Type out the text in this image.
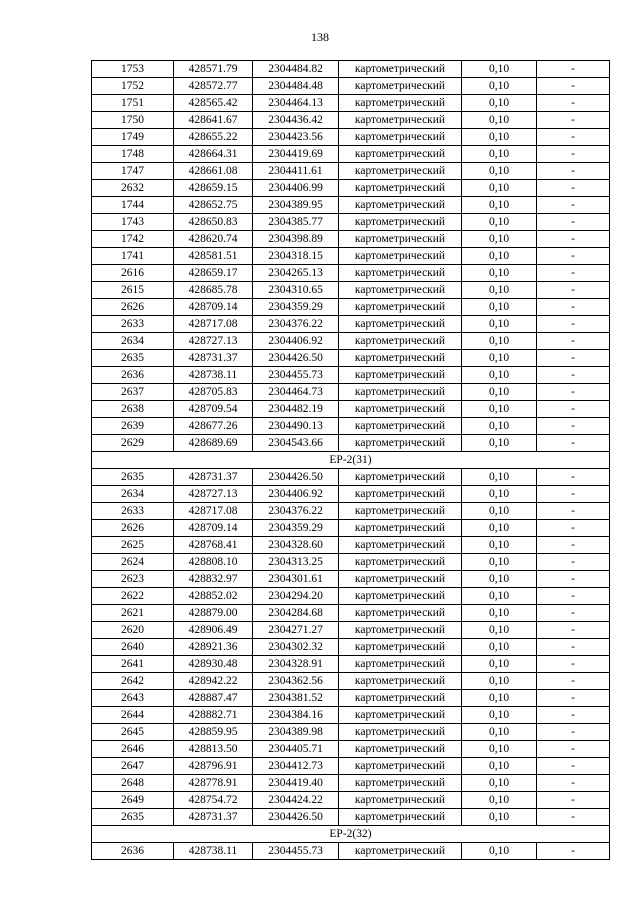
138
1753	428571.79	2304484.82	картометрический	0,10	-
1752	428572.77	2304484.48	картометрический	0,10	-
1751	428565.42	2304464.13	картометрический	0,10	-
1750	428641.67	2304436.42	картометрический	0,10	-
1749	428655.22	2304423.56	картометрический	0,10	-
1748	428664.31	2304419.69	картометрический	0,10	-
1747	428661.08	2304411.61	картометрический	0,10	-
2632	428659.15	2304406.99	картометрический	0,10	-
1744	428652.75	2304389.95	картометрический	0,10	-
1743	428650.83	2304385.77	картометрический	0,10	-
1742	428620.74	2304398.89	картометрический	0,10	-
1741	428581.51	2304318.15	картометрический	0,10	-
2616	428659.17	2304265.13	картометрический	0,10	-
2615	428685.78	2304310.65	картометрический	0,10	-
2626	428709.14	2304359.29	картометрический	0,10	-
2633	428717.08	2304376.22	картометрический	0,10	-
2634	428727.13	2304406.92	картометрический	0,10	-
2635	428731.37	2304426.50	картометрический	0,10	-
2636	428738.11	2304455.73	картометрический	0,10	-
2637	428705.83	2304464.73	картометрический	0,10	-
2638	428709.54	2304482.19	картометрический	0,10	-
2639	428677.26	2304490.13	картометрический	0,10	-
2629	428689.69	2304543.66	картометрический	0,10	-
ЕР-2(31)					
2635	428731.37	2304426.50	картометрический	0,10	-
2634	428727.13	2304406.92	картометрический	0,10	-
2633	428717.08	2304376.22	картометрический	0,10	-
2626	428709.14	2304359.29	картометрический	0,10	-
2625	428768.41	2304328.60	картометрический	0,10	-
2624	428808.10	2304313.25	картометрический	0,10	-
2623	428832.97	2304301.61	картометрический	0,10	-
2622	428852.02	2304294.20	картометрический	0,10	-
2621	428879.00	2304284.68	картометрический	0,10	-
2620	428906.49	2304271.27	картометрический	0,10	-
2640	428921.36	2304302.32	картометрический	0,10	-
2641	428930.48	2304328.91	картометрический	0,10	-
2642	428942.22	2304362.56	картометрический	0,10	-
2643	428887.47	2304381.52	картометрический	0,10	-
2644	428882.71	2304384.16	картометрический	0,10	-
2645	428859.95	2304389.98	картометрический	0,10	-
2646	428813.50	2304405.71	картометрический	0,10	-
2647	428796.91	2304412.73	картометрический	0,10	-
2648	428778.91	2304419.40	картометрический	0,10	-
2649	428754.72	2304424.22	картометрический	0,10	-
2635	428731.37	2304426.50	картометрический	0,10	-
ЕР-2(32)					
2636	428738.11	2304455.73	картометрический	0,10	-
